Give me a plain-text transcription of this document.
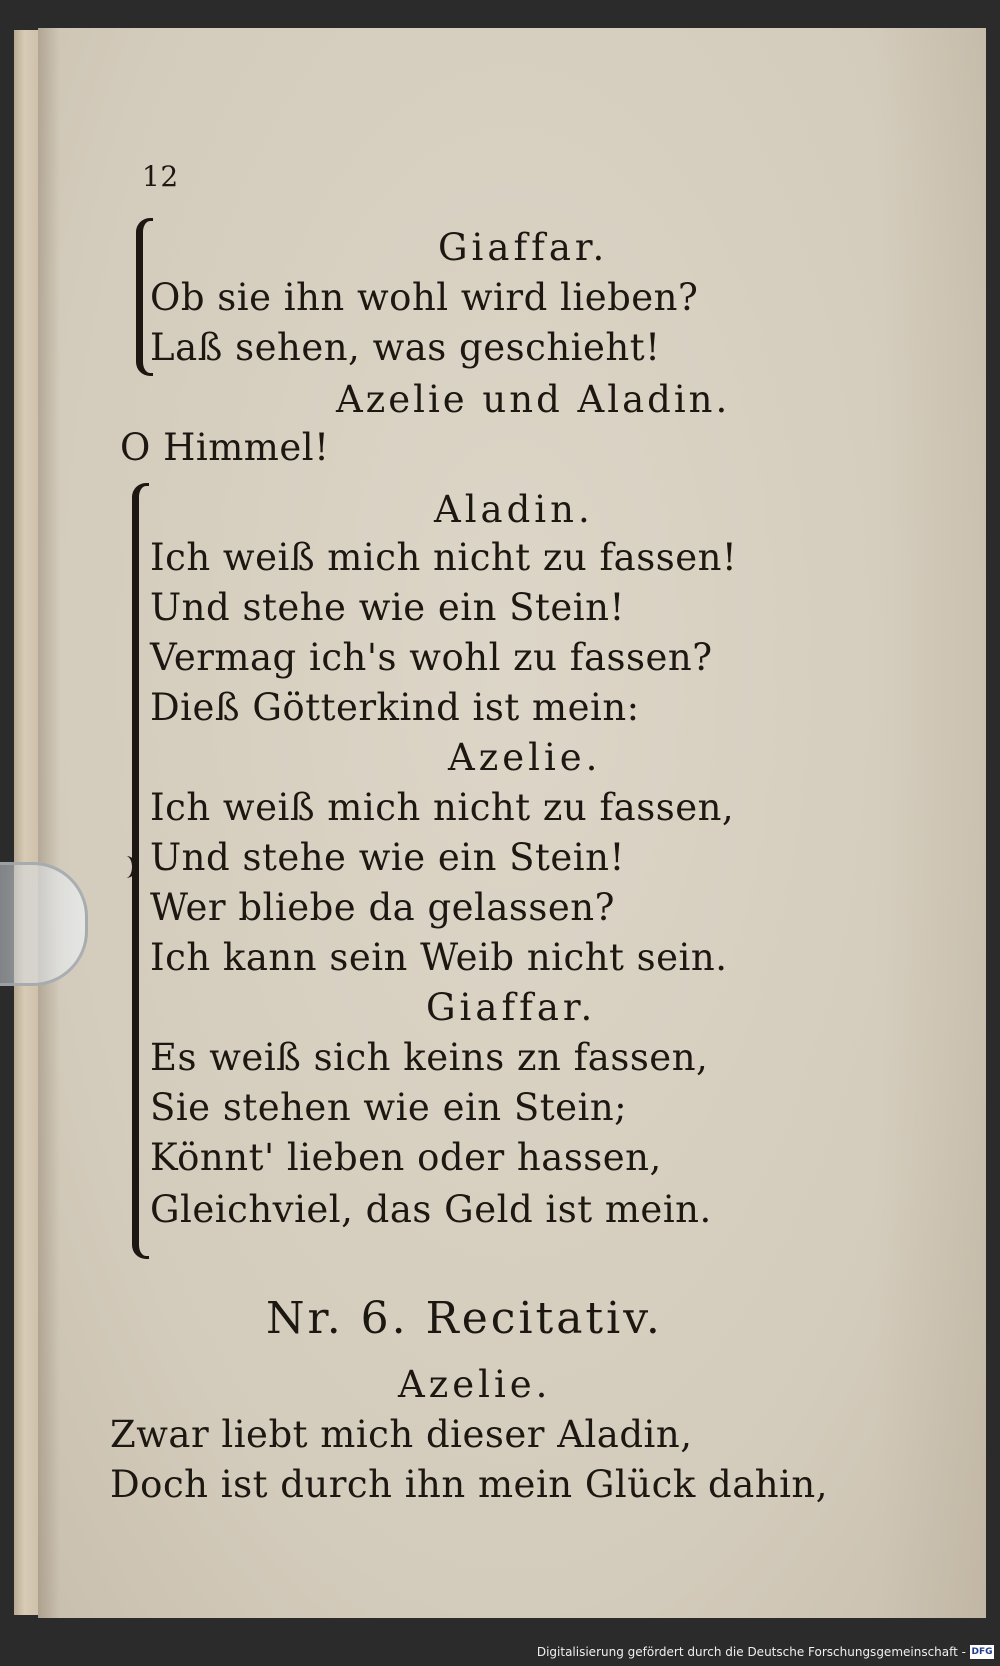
12
Giaffar.
Ob sie ihn wohl wird lieben?
Laß sehen, was geschieht!
Azelie und Aladin.
O Himmel!
Aladin.
Ich weiß mich nicht zu fassen!
Und stehe wie ein Stein!
Vermag ich's wohl zu fassen?
Dieß Götterkind ist mein:
Azelie.
Ich weiß mich nicht zu fassen,
Und stehe wie ein Stein!
Wer bliebe da gelassen?
Ich kann sein Weib nicht sein.
Giaffar.
Es weiß sich keins zn fassen,
Sie stehen wie ein Stein;
Könnt' lieben oder hassen,
Gleichviel, das Geld ist mein.
Nr. 6. Recitativ.
Azelie.
Zwar liebt mich dieser Aladin,
Doch ist durch ihn mein Glück dahin,
Digitalisierung gefördert durch die Deutsche Forschungsgemeinschaft - DFG
